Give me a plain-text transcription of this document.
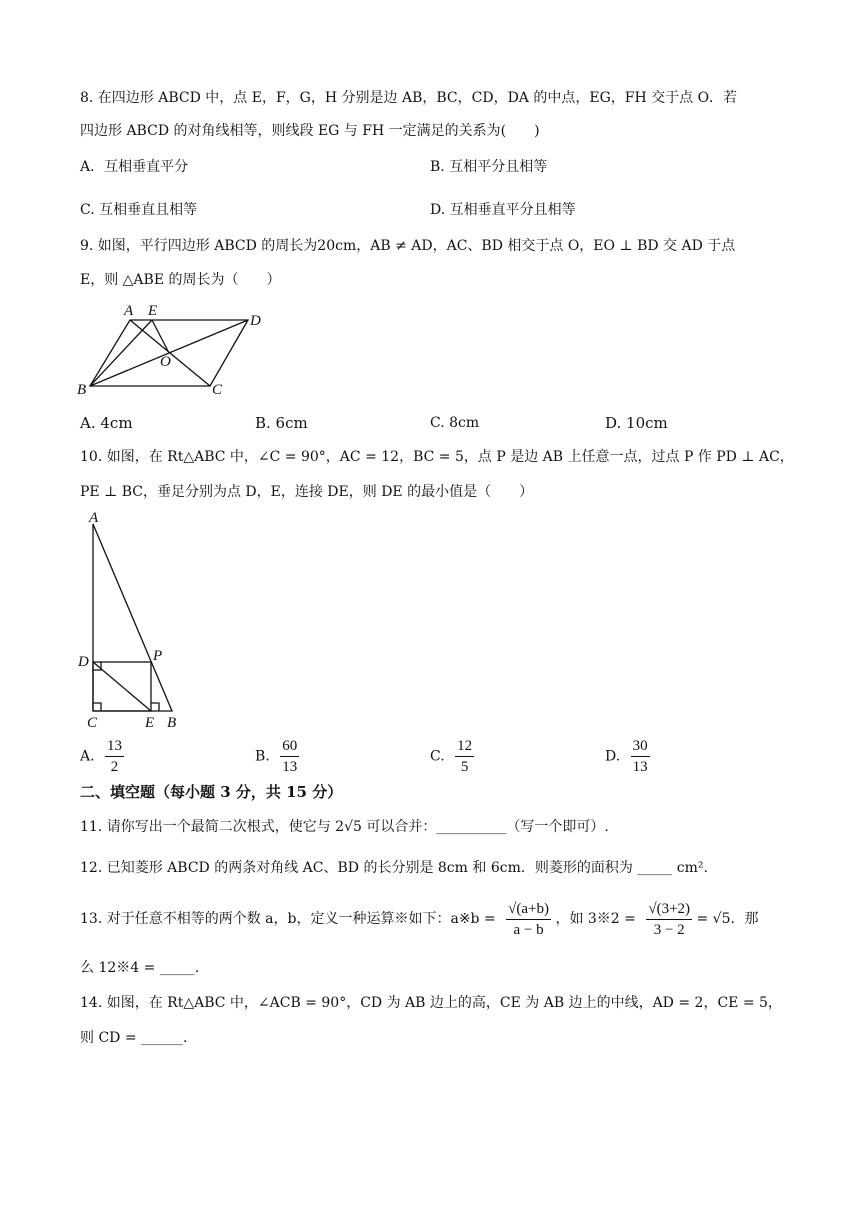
8. 在四边形 ABCD 中，点 E，F，G，H 分别是边 AB，BC，CD，DA 的中点，EG，FH 交于点 O．若
四边形 ABCD 的对角线相等，则线段 EG 与 FH 一定满足的关系为(　　)
A．互相垂直平分	B. 互相平分且相等
C. 互相垂直且相等	D. 互相垂直平分且相等
9. 如图，平行四边形 ABCD 的周长为20cm，AB ≠ AD，AC、BD 相交于点 O，EO ⊥ BD 交 AD 于点
E，则 △ABE 的周长为（　　）
A E
D
O
B	C
A. 4cm	B. 6cm	C. 8cm	D. 10cm
10. 如图，在 Rt△ABC 中，∠C = 90°，AC = 12，BC = 5，点 P 是边 AB 上任意一点，过点 P 作 PD ⊥ AC，
PE ⊥ BC，垂足分别为点 D，E，连接 DE，则 DE 的最小值是（　　）
A
D	P
C	E B
A. $\frac{13}{2}$	B. $\frac{60}{13}$	C. $\frac{12}{5}$	D. $\frac{30}{13}$
二、填空题（每小题 3 分，共 15 分）
11. 请你写出一个最简二次根式，使它与 2√5 可以合并：__________（写一个即可）.
12. 已知菱形 ABCD 的两条对角线 AC、BD 的长分别是 8cm 和 6cm．则菱形的面积为 _____ cm².
13. 对于任意不相等的两个数 a，b，定义一种运算※如下：a※b = $\frac{√(a+b)}{a - b}$ ，如 3※2 = $\frac{√(3+2)}{3 - 2} = √5$．那
么 12※4 = _____.
14. 如图，在 Rt△ABC 中，∠ACB = 90°，CD 为 AB 边上的高，CE 为 AB 边上的中线，AD = 2，CE = 5，
则 CD = ______.
